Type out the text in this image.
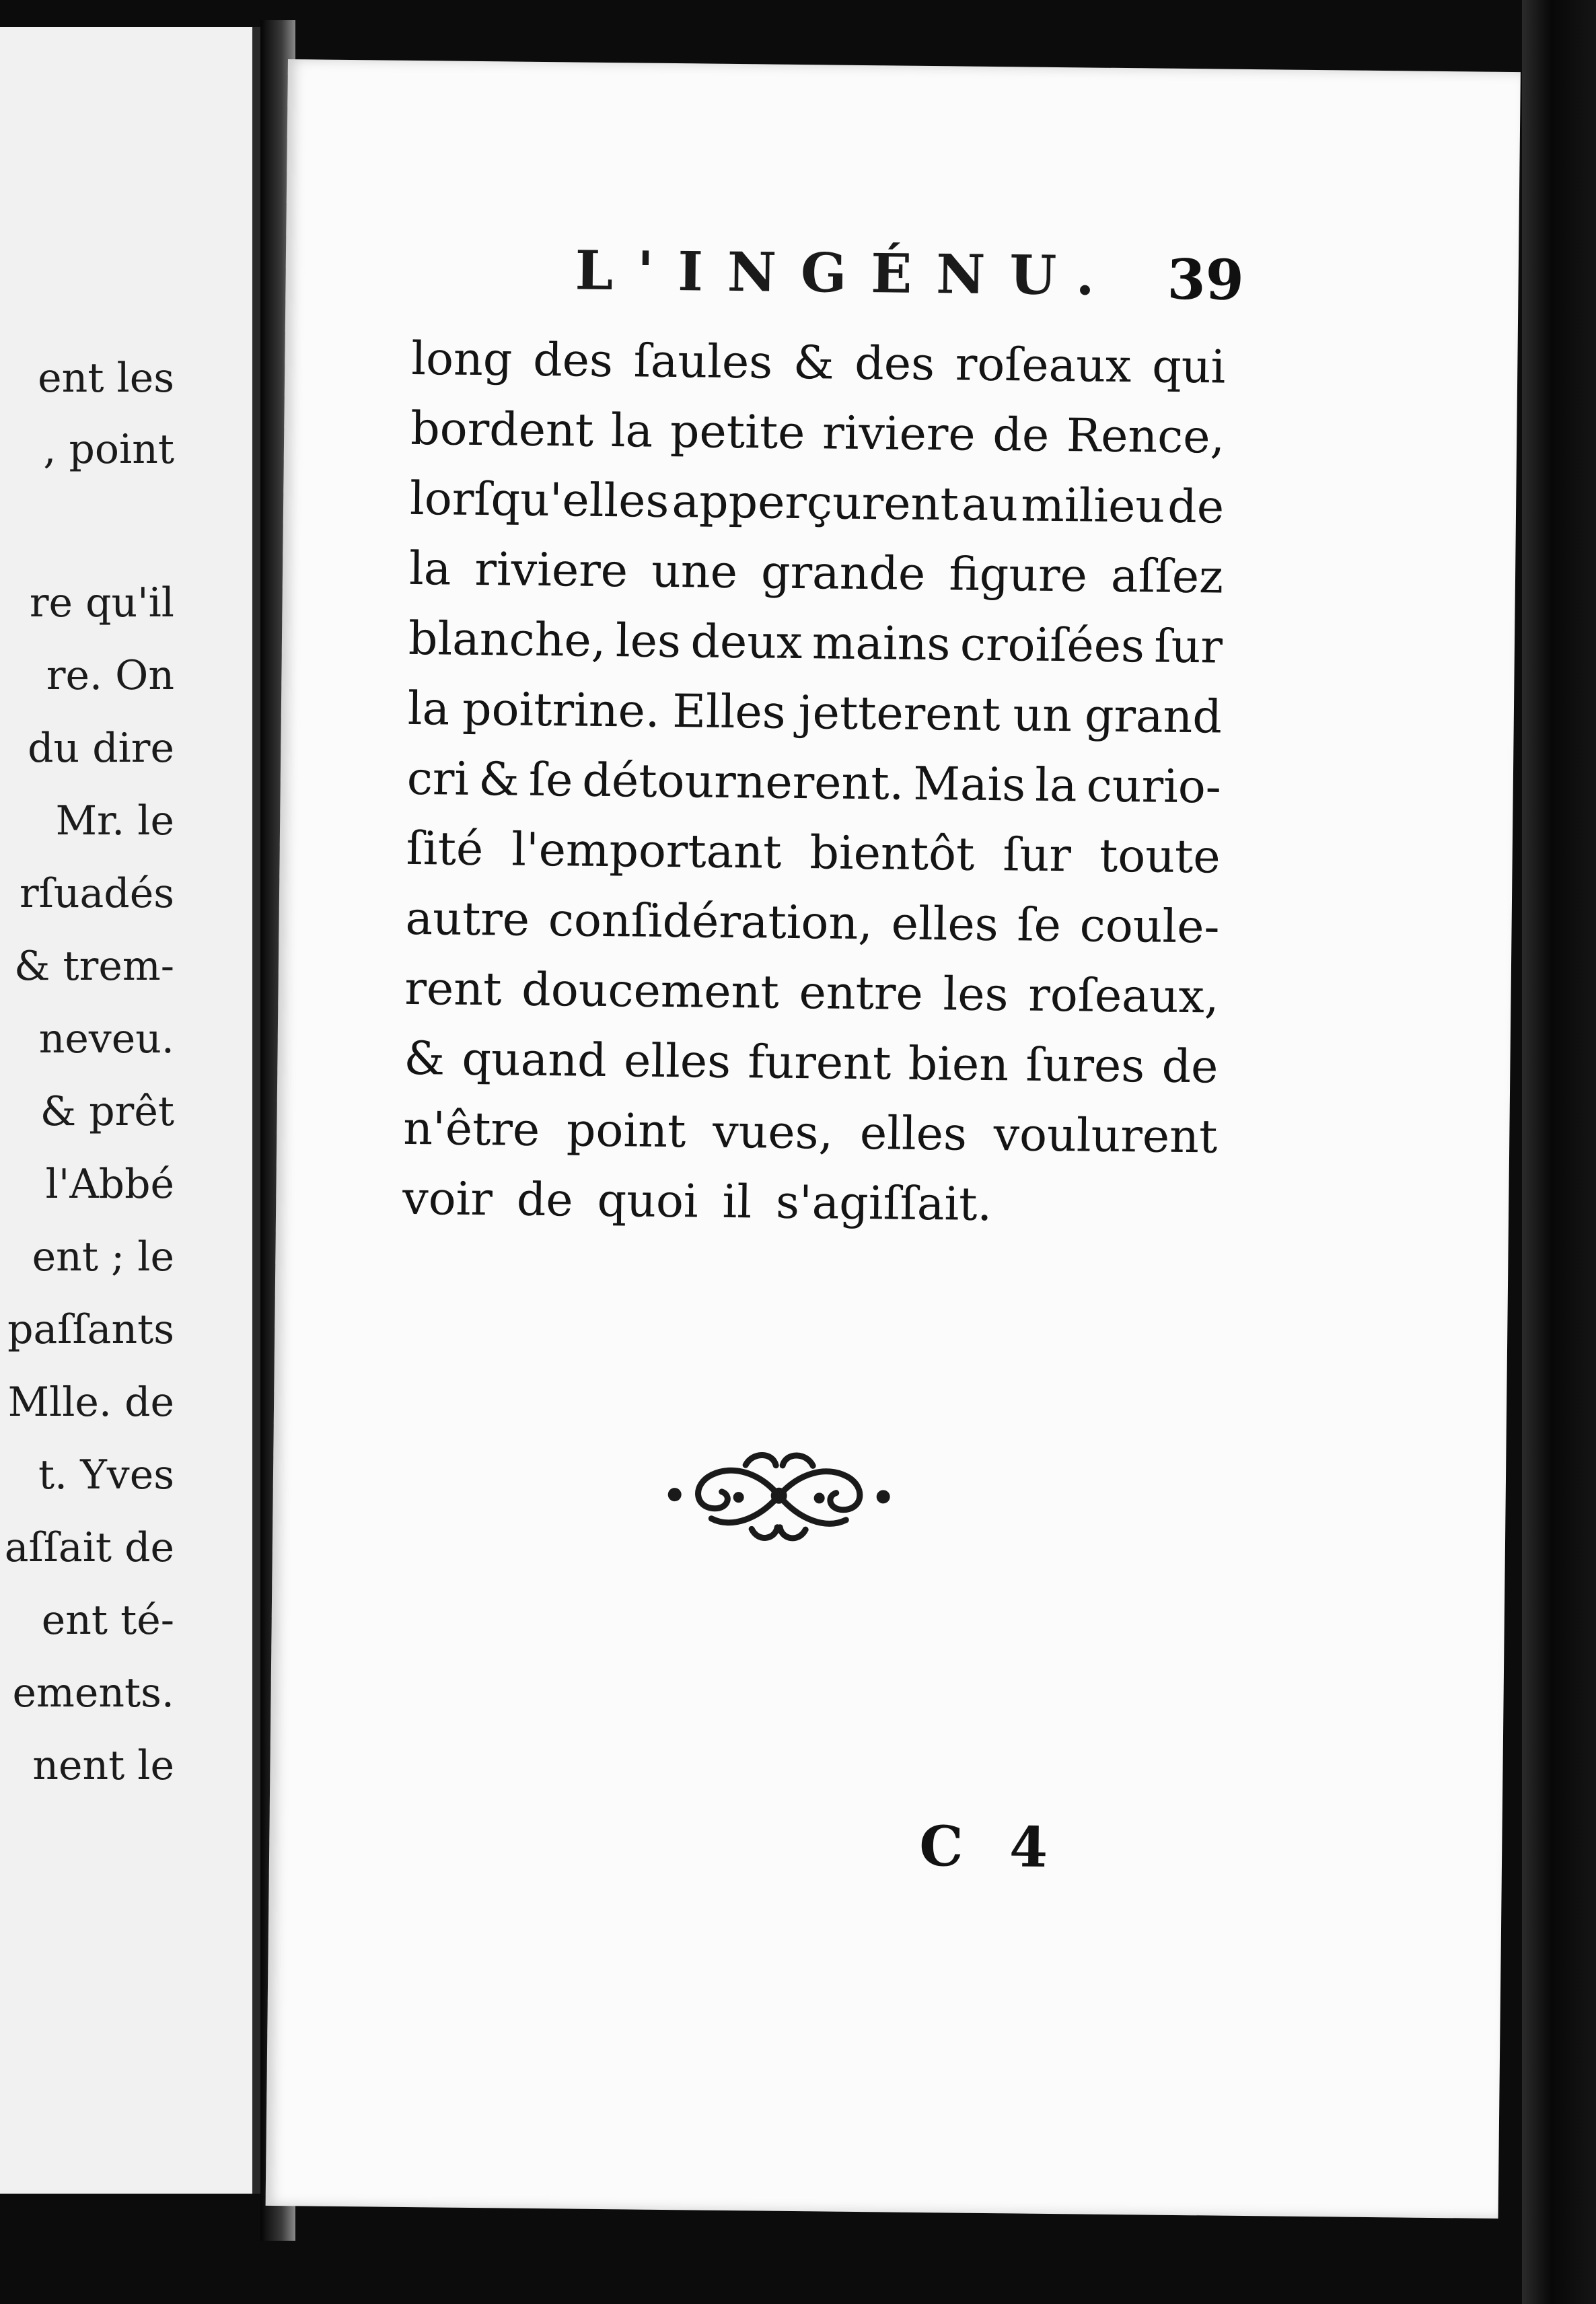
ent les
, point
re qu'il
re. On
du dire
Mr. le
rſuadés
& trem-
neveu.
& prêt
l'Abbé
ent ; le
paſſants
Mlle. de
t. Yves
aſſait de
ent té-
ements.
nent le
L'INGÉNU. 39
long des ſaules & des roſeaux qui
bordent la petite riviere de Rence,
lorſqu'elles apperçurent au milieu de
la riviere une grande figure aſſez
blanche, les deux mains croiſées ſur
la poitrine. Elles jetterent un grand
cri & ſe détournerent. Mais la curio-
ſité l'emportant bientôt ſur toute
autre conſidération, elles ſe coule-
rent doucement entre les roſeaux,
& quand elles furent bien ſures de
n'être point vues, elles voulurent
voir de quoi il s'agiſſait.
C 4
